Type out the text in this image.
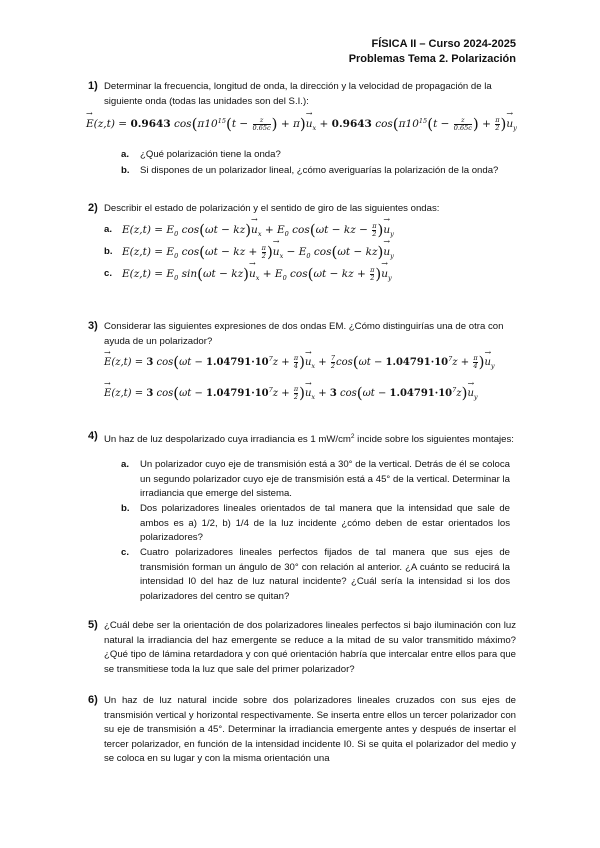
FÍSICA II – Curso 2024-2025
Problemas Tema 2. Polarización
1) Determinar la frecuencia, longitud de onda, la dirección y la velocidad de propagación de la siguiente onda (todas las unidades son del S.I.):
→ E(z,t) = 0.9643 $\cos(\pi 10^{15}(t - \frac{z}{0.65c}$ ) + $\pi)\to u_x + 0.9643$ $\cos(\pi 10^{15}(t - \frac{z}{0.65c}$ ) + $\frac{\pi}{2}$ )→ $u_y$
a. ¿Qué polarización tiene la onda?
b. Si dispones de un polarizador lineal, ¿cómo averiguarías la polarización de la onda?
2) Describir el estado de polarización y el sentido de giro de las siguientes ondas:
a. $E(z,t) = E_0$ $\cos(\omega t - kz)\to u_x + E_0$ cos(ωt − kz − $\frac{\pi}{2}$ )→ $u_y$
b. $E(z,t) = E_0$ cos(ωt − kz + $\frac{\pi}{2}$ )→ $u_x - E_0$ $\cos(\omega t - kz)\to u_y$
c. $E(z,t) = E_0$ $\sin(\omega t - kz)\to u_x + E_0$ cos(ωt − kz + $\frac{\pi}{2}$ )→ $u_y$
3) Considerar las siguientes expresiones de dos ondas EM. ¿Cómo distinguirías una de otra con ayuda de un polarizador?
→ E(z,t) = 3 $\cos(\omega t - 1.04791\cdot 10^7z + \frac{\pi}{4}$ )→ $u_x + \frac{7}{2} \cos(\omega t - 1.04791\cdot 10^7z + \frac{\pi}{4}$ )→ $u_y$
→ E(z,t) = 3 $\cos(\omega t - 1.04791\cdot 10^7z + \frac{\pi}{2}$ )→ $u_x + 3$ $\cos(\omega t - 1.04791\cdot 10^7z)\to u_y$
4) Un haz de luz despolarizado cuya irradiancia es 1 $mW/cm^2$ incide sobre los siguientes montajes:
a. Un polarizador cuyo eje de transmisión está a 30° de la vertical. Detrás de él se coloca un segundo polarizador cuyo eje de transmisión está a 45° de la vertical. Determinar la irradiancia que emerge del sistema.
b. Dos polarizadores lineales orientados de tal manera que la intensidad que sale de ambos es a) 1/2, b) 1/4 de la luz incidente ¿cómo deben de estar orientados los polarizadores?
c. Cuatro polarizadores lineales perfectos fijados de tal manera que sus ejes de transmisión forman un ángulo de 30° con relación al anterior. ¿A cuánto se reducirá la intensidad I0 del haz de luz natural incidente? ¿Cuál sería la intensidad si los dos polarizadores del centro se quitan?
5) ¿Cuál debe ser la orientación de dos polarizadores lineales perfectos si bajo iluminación con luz natural la irradiancia del haz emergente se reduce a la mitad de su valor transmitido máximo? ¿Qué tipo de lámina retardadora y con qué orientación habría que intercalar entre ellos para que se transmitiese toda la luz que sale del primer polarizador?
6) Un haz de luz natural incide sobre dos polarizadores lineales cruzados con sus ejes de transmisión vertical y horizontal respectivamente. Se inserta entre ellos un tercer polarizador con su eje de transmisión a 45°. Determinar la irradiancia emergente antes y después de insertar el tercer polarizador, en función de la intensidad incidente I0. Si se quita el polarizador del medio y se coloca en su lugar y con la misma orientación una
